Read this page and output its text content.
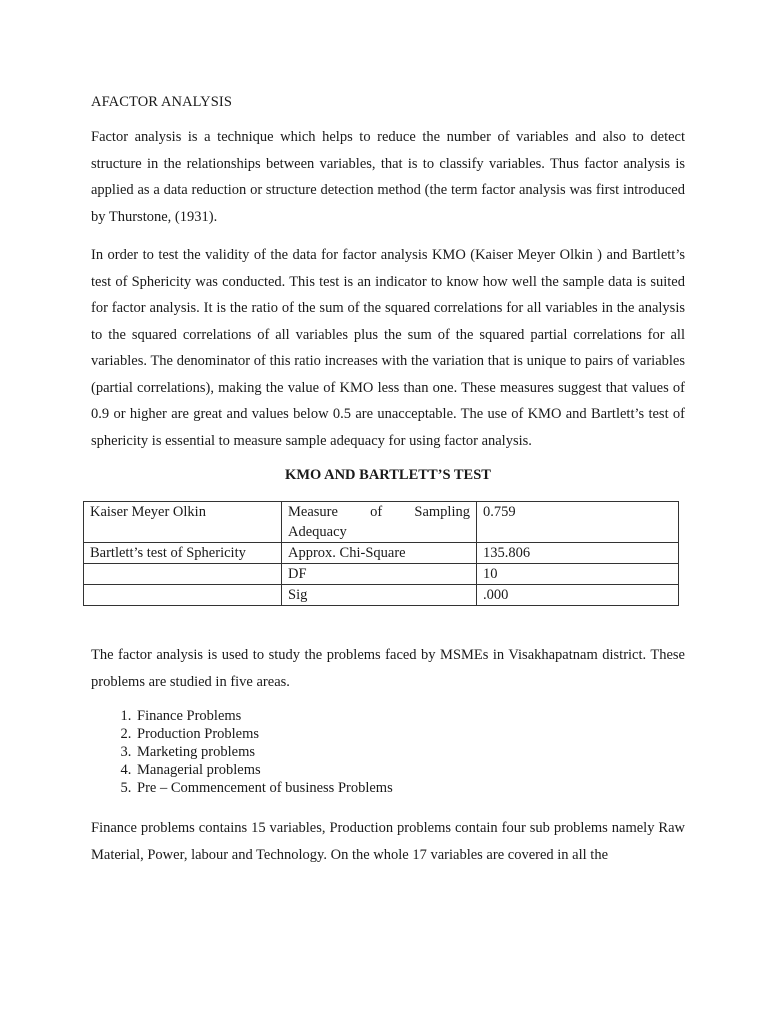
AFACTOR ANALYSIS

Factor analysis is a technique which helps to reduce the number of variables and also to detect structure in the relationships between variables, that is to classify variables. Thus factor analysis is applied as a data reduction or structure detection method (the term factor analysis was first introduced by Thurstone, (1931).

In order to test the validity of the data for factor analysis KMO (Kaiser Meyer Olkin ) and Bartlett’s test of Sphericity was conducted. This test is an indicator to know how well the sample data is suited for factor analysis. It is the ratio of the sum of the squared correlations for all variables in the analysis to the squared correlations of all variables plus the sum of the squared partial correlations for all variables. The denominator of this ratio increases with the variation that is unique to pairs of variables (partial correlations), making the value of KMO less than one. These measures suggest that values of 0.9 or higher are great and values below 0.5 are unacceptable. The use of KMO and Bartlett’s test of sphericity is essential to measure sample adequacy for using factor analysis.

KMO AND BARTLETT’S TEST
Kaiser Meyer Olkin	Measure of Sampling Adequacy	0.759
Bartlett’s test of Sphericity	Approx. Chi-Square	135.806
	DF	10
	Sig	.000

The factor analysis is used to study the problems faced by MSMEs in Visakhapatnam district. These problems are studied in five areas.

1. Finance Problems
2. Production Problems
3. Marketing problems
4. Managerial problems
5. Pre – Commencement of business Problems

Finance problems contains 15 variables, Production problems contain four sub problems namely Raw Material, Power, labour and Technology. On the whole 17 variables are covered in all the
